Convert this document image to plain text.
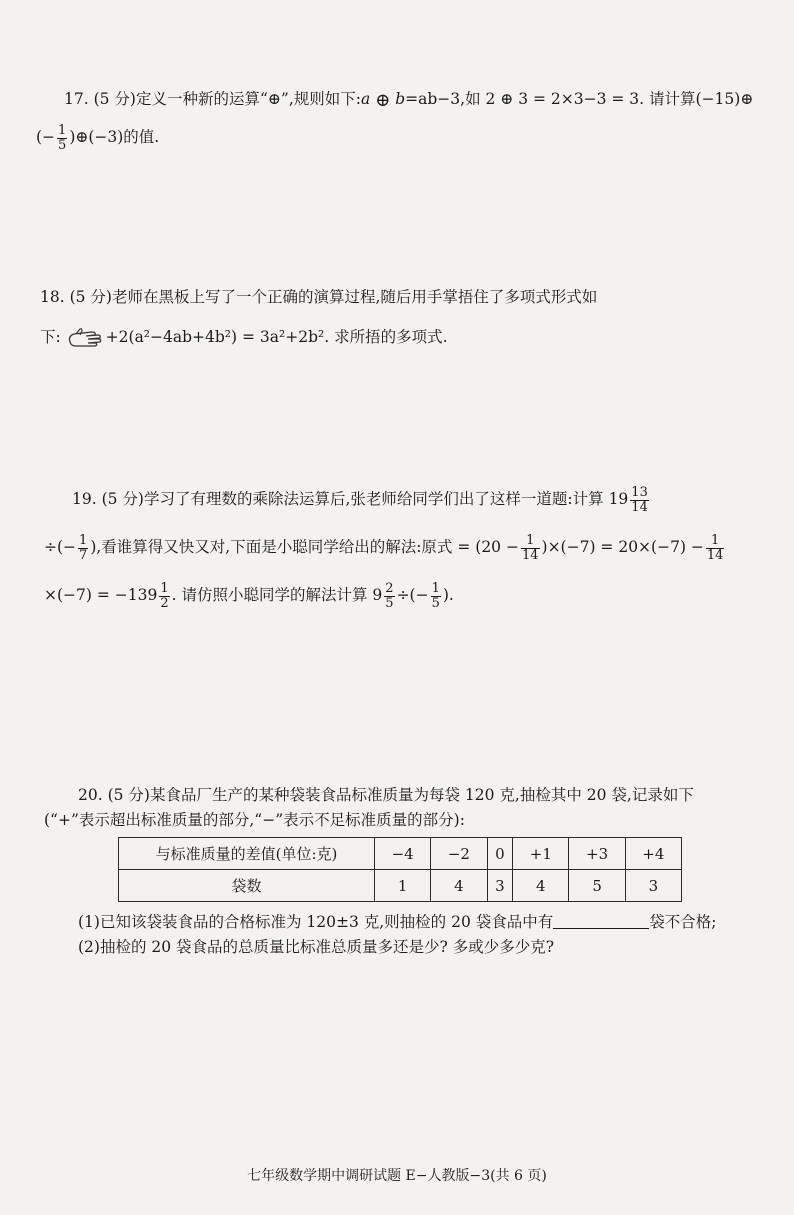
17. (5 分)定义一种新的运算“⊕”,规则如下:a ⊕ b=ab−3,如 2 ⊕ 3 = 2×3−3 = 3. 请计算(−15)⊕
(− $\frac{1}{5}$ )⊕(−3)的值.
18. (5 分)老师在黑板上写了一个正确的演算过程,随后用手掌捂住了多项式形式如
下:	+2(a²−4ab+4b²) = 3a²+2b². 求所捂的多项式.
19. (5 分)学习了有理数的乘除法运算后,张老师给同学们出了这样一道题:计算 $19 \frac{13}{14}$
÷(− $\frac{1}{7}$ ),看谁算得又快又对,下面是小聪同学给出的解法:原式 = $(20 - \frac{1}{14} )\times(-7) = 20\times(-7) - \frac{1}{14}$
$\times(-7) = -139 \frac{1}{2}$ . 请仿照小聪同学的解法计算 $9 \frac{2}{5}$ ÷(− $\frac{1}{5}$ ).
20. (5 分)某食品厂生产的某种袋装食品标准质量为每袋 120 克,抽检其中 20 袋,记录如下
(“+”表示超出标准质量的部分,“−”表示不足标准质量的部分):
与标准质量的差值(单位:克)	−4	−2	0	+1	+3	+4
袋数	1	4	3	4	5	3
(1)已知该袋装食品的合格标准为 120±3 克,则抽检的 20 袋食品中有	袋不合格;
(2)抽检的 20 袋食品的总质量比标准总质量多还是少? 多或少多少克?
七年级数学期中调研试题 E−人教版−3(共 6 页)
